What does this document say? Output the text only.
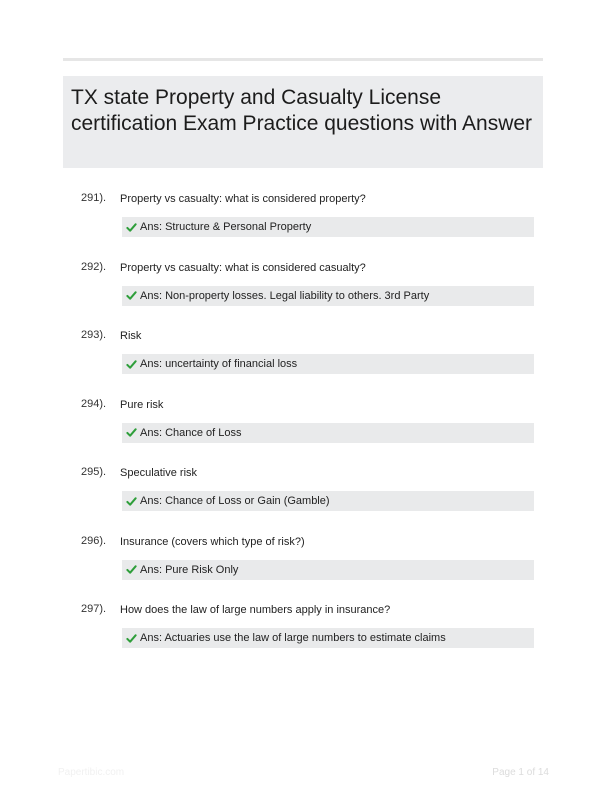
TX state Property and Casualty License certification Exam Practice questions with Answer
291). Property vs casualty: what is considered property?
Ans: Structure & Personal Property
292). Property vs casualty: what is considered casualty?
Ans: Non-property losses. Legal liability to others. 3rd Party
293). Risk
Ans: uncertainty of financial loss
294). Pure risk
Ans: Chance of Loss
295). Speculative risk
Ans: Chance of Loss or Gain (Gamble)
296). Insurance (covers which type of risk?)
Ans: Pure Risk Only
297). How does the law of large numbers apply in insurance?
Ans: Actuaries use the law of large numbers to estimate claims
Papertibic.com	Page 1 of 14
